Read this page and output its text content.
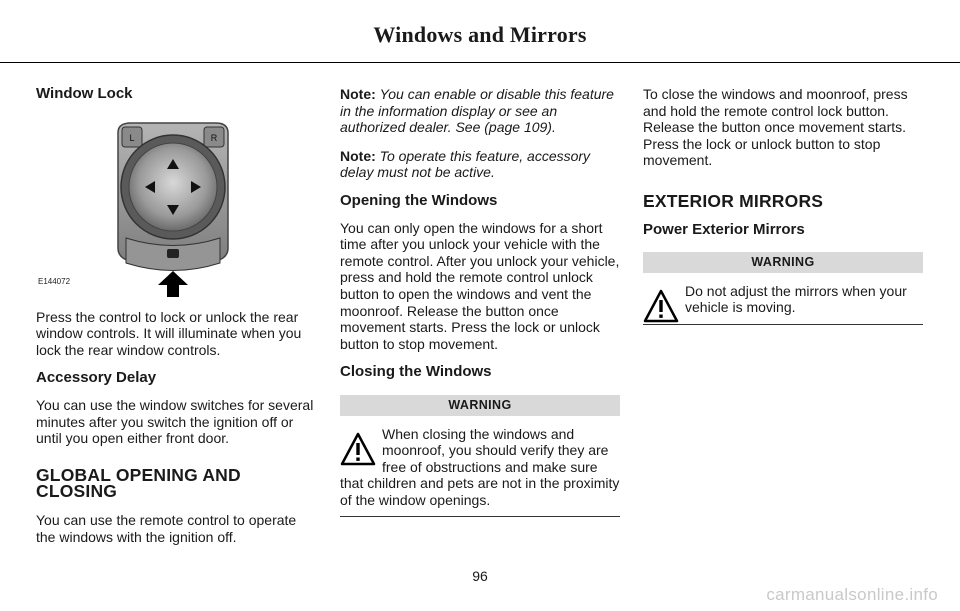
Windows and Mirrors
Window Lock
L	R
E144072

Press the control to lock or unlock the rear window controls. It will illuminate when you lock the rear window controls.

Accessory Delay

You can use the window switches for several minutes after you switch the ignition off or until you open either front door.

GLOBAL OPENING AND CLOSING

You can use the remote control to operate the windows with the ignition off.

Note: You can enable or disable this feature in the information display or see an authorized dealer. See (page 109).

Note: To operate this feature, accessory delay must not be active.

Opening the Windows

You can only open the windows for a short time after you unlock your vehicle with the remote control. After you unlock your vehicle, press and hold the remote control unlock button to open the windows and vent the moonroof. Release the button once movement starts. Press the lock or unlock button to stop movement.

Closing the Windows
WARNING
When closing the windows and moonroof, you should verify they are free of obstructions and make sure that children and pets are not in the proximity of the window openings.

To close the windows and moonroof, press and hold the remote control lock button. Release the button once movement starts. Press the lock or unlock button to stop movement.

EXTERIOR MIRRORS
Power Exterior Mirrors
WARNING
Do not adjust the mirrors when your vehicle is moving.
96
carmanualsonline.info
